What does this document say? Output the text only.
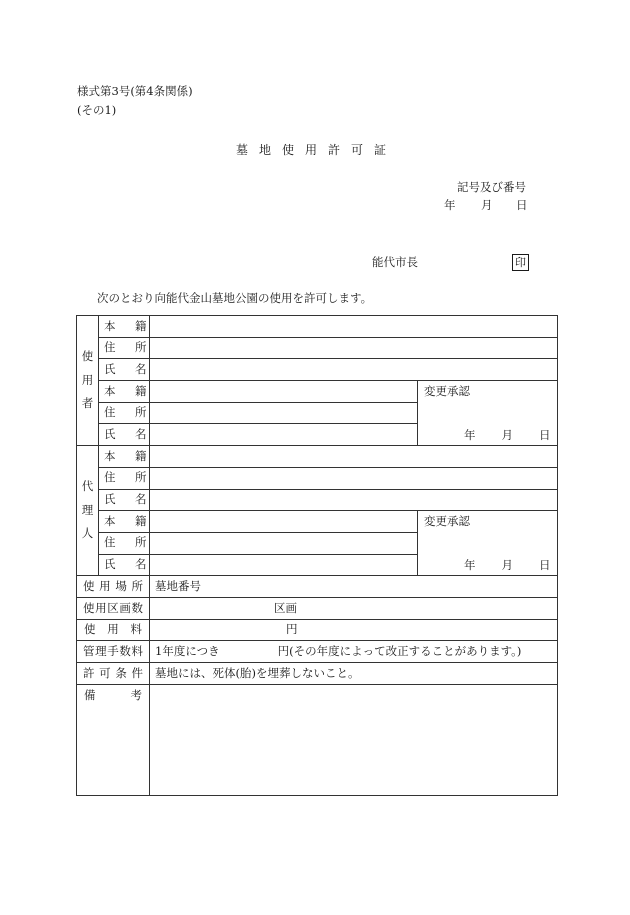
様式第3号(第4条関係)
(その1)
墓地使用許可証
記号及び番号
年 月 日
能代市長	印
次のとおり向能代金山墓地公園の使用を許可します。
使
用
者	本 籍		
	住 所		
	氏 名		
	本 籍		変更承認
年 月 日

	住 所		
	氏 名		

代
理
人	本 籍		
	住 所		
	氏 名		
	本 籍		変更承認
年 月 日

	住 所		
	氏 名		
使用場所		墓地番号	
使用区画数		区画	
使用料		円	
管理手数料		1年度につき 円(その年度によって改正することがあります。)	
許可条件		墓地には、死体(胎)を埋葬しないこと。	
備考			
